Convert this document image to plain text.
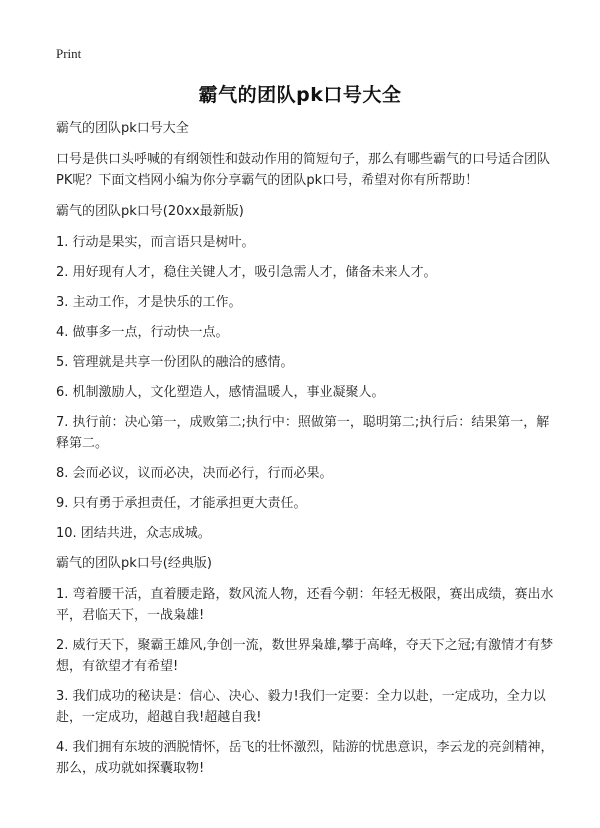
Print
霸气的团队pk口号大全

霸气的团队pk口号大全

口号是供口头呼喊的有纲领性和鼓动作用的简短句子，那么有哪些霸气的口号适合团队PK呢？下面文档网小编为你分享霸气的团队pk口号，希望对你有所帮助！

霸气的团队pk口号(20xx最新版)

1. 行动是果实，而言语只是树叶。

2. 用好现有人才，稳住关键人才，吸引急需人才，储备未来人才。

3. 主动工作，才是快乐的工作。

4. 做事多一点，行动快一点。

5. 管理就是共享一份团队的融洽的感情。

6. 机制激励人，文化塑造人，感情温暖人，事业凝聚人。

7. 执行前：决心第一，成败第二;执行中：照做第一，聪明第二;执行后：结果第一，解释第二。

8. 会而必议，议而必决，决而必行，行而必果。

9. 只有勇于承担责任，才能承担更大责任。

10. 团结共进，众志成城。

霸气的团队pk口号(经典版)

1. 弯着腰干活，直着腰走路，数风流人物，还看今朝：年轻无极限，赛出成绩，赛出水平，君临天下，一战枭雄!

2. 威行天下，聚霸王雄风,争创一流，数世界枭雄,攀于高峰，夺天下之冠;有激情才有梦想，有欲望才有希望!

3. 我们成功的秘诀是：信心、决心、毅力!我们一定要：全力以赴，一定成功，全力以赴，一定成功，超越自我!超越自我!

4. 我们拥有东坡的洒脱情怀，岳飞的壮怀激烈，陆游的忧患意识，李云龙的亮剑精神，那么，成功就如探囊取物!
